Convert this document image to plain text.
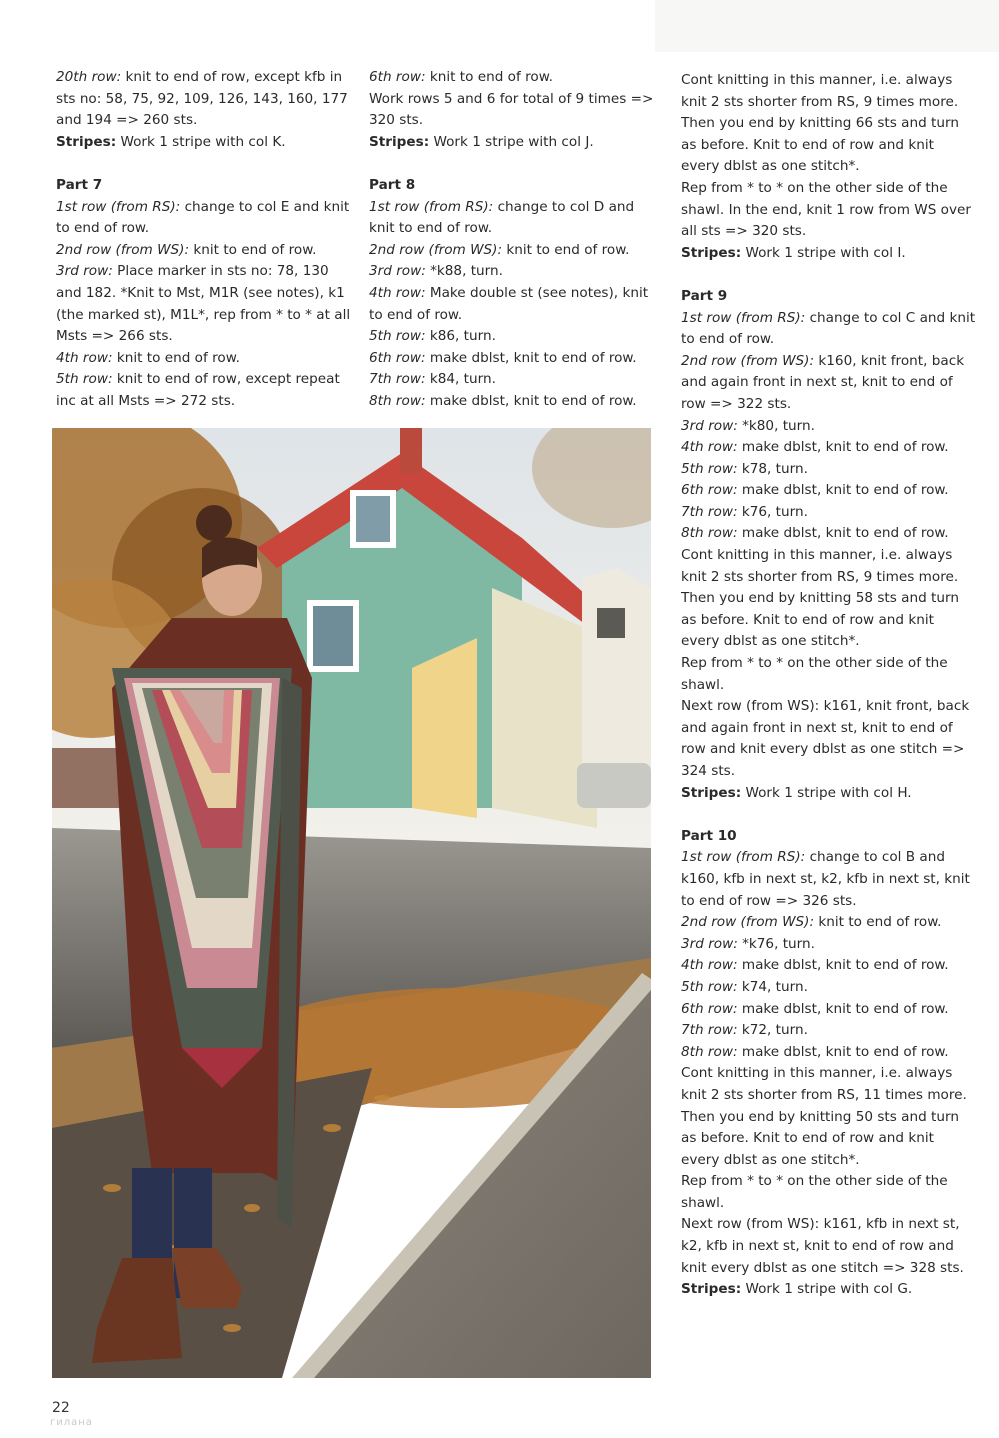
20th row: knit to end of row, except kfb in sts no: 58, 75, 92, 109, 126, 143, 160, 177 and 194 => 260 sts.

Stripes: Work 1 stripe with col K.

Part 7

1st row (from RS): change to col E and knit to end of row.

2nd row (from WS): knit to end of row.

3rd row: Place marker in sts no: 78, 130 and 182. *Knit to Mst, M1R (see notes), k1 (the marked st), M1L*, rep from * to * at all Msts => 266 sts.

4th row: knit to end of row.

5th row: knit to end of row, except repeat inc at all Msts => 272 sts.

6th row: knit to end of row.

Work rows 5 and 6 for total of 9 times => 320 sts.

Stripes: Work 1 stripe with col J.

Part 8

1st row (from RS): change to col D and knit to end of row.

2nd row (from WS): knit to end of row.

3rd row: *k88, turn.

4th row: Make double st (see notes), knit to end of row.

5th row: k86, turn.

6th row: make dblst, knit to end of row.

7th row: k84, turn.

8th row: make dblst, knit to end of row.

Cont knitting in this manner, i.e. always knit 2 sts shorter from RS, 9 times more. Then you end by knitting 66 sts and turn as before. Knit to end of row and knit every dblst as one stitch*.

Rep from * to * on the other side of the shawl. In the end, knit 1 row from WS over all sts => 320 sts.

Stripes: Work 1 stripe with col I.

Part 9

1st row (from RS): change to col C and knit to end of row.

2nd row (from WS): k160, knit front, back and again front in next st, knit to end of row => 322 sts.

3rd row: *k80, turn.

4th row: make dblst, knit to end of row.

5th row: k78, turn.

6th row: make dblst, knit to end of row.

7th row: k76, turn.

8th row: make dblst, knit to end of row.

Cont knitting in this manner, i.e. always knit 2 sts shorter from RS, 9 times more. Then you end by knitting 58 sts and turn as before. Knit to end of row and knit every dblst as one stitch*.

Rep from * to * on the other side of the shawl.

Next row (from WS): k161, knit front, back and again front in next st, knit to end of row and knit every dblst as one stitch => 324 sts.

Stripes: Work 1 stripe with col H.

Part 10

1st row (from RS): change to col B and k160, kfb in next st, k2, kfb in next st, knit to end of row => 326 sts.

2nd row (from WS): knit to end of row.

3rd row: *k76, turn.

4th row: make dblst, knit to end of row.

5th row: k74, turn.

6th row: make dblst, knit to end of row.

7th row: k72, turn.

8th row: make dblst, knit to end of row.

Cont knitting in this manner, i.e. always knit 2 sts shorter from RS, 11 times more. Then you end by knitting 50 sts and turn as before. Knit to end of row and knit every dblst as one stitch*.

Rep from * to * on the other side of the shawl.

Next row (from WS): k161, kfb in next st, k2, kfb in next st, knit to end of row and knit every dblst as one stitch => 328 sts.

Stripes: Work 1 stripe with col G.

22
гилана
